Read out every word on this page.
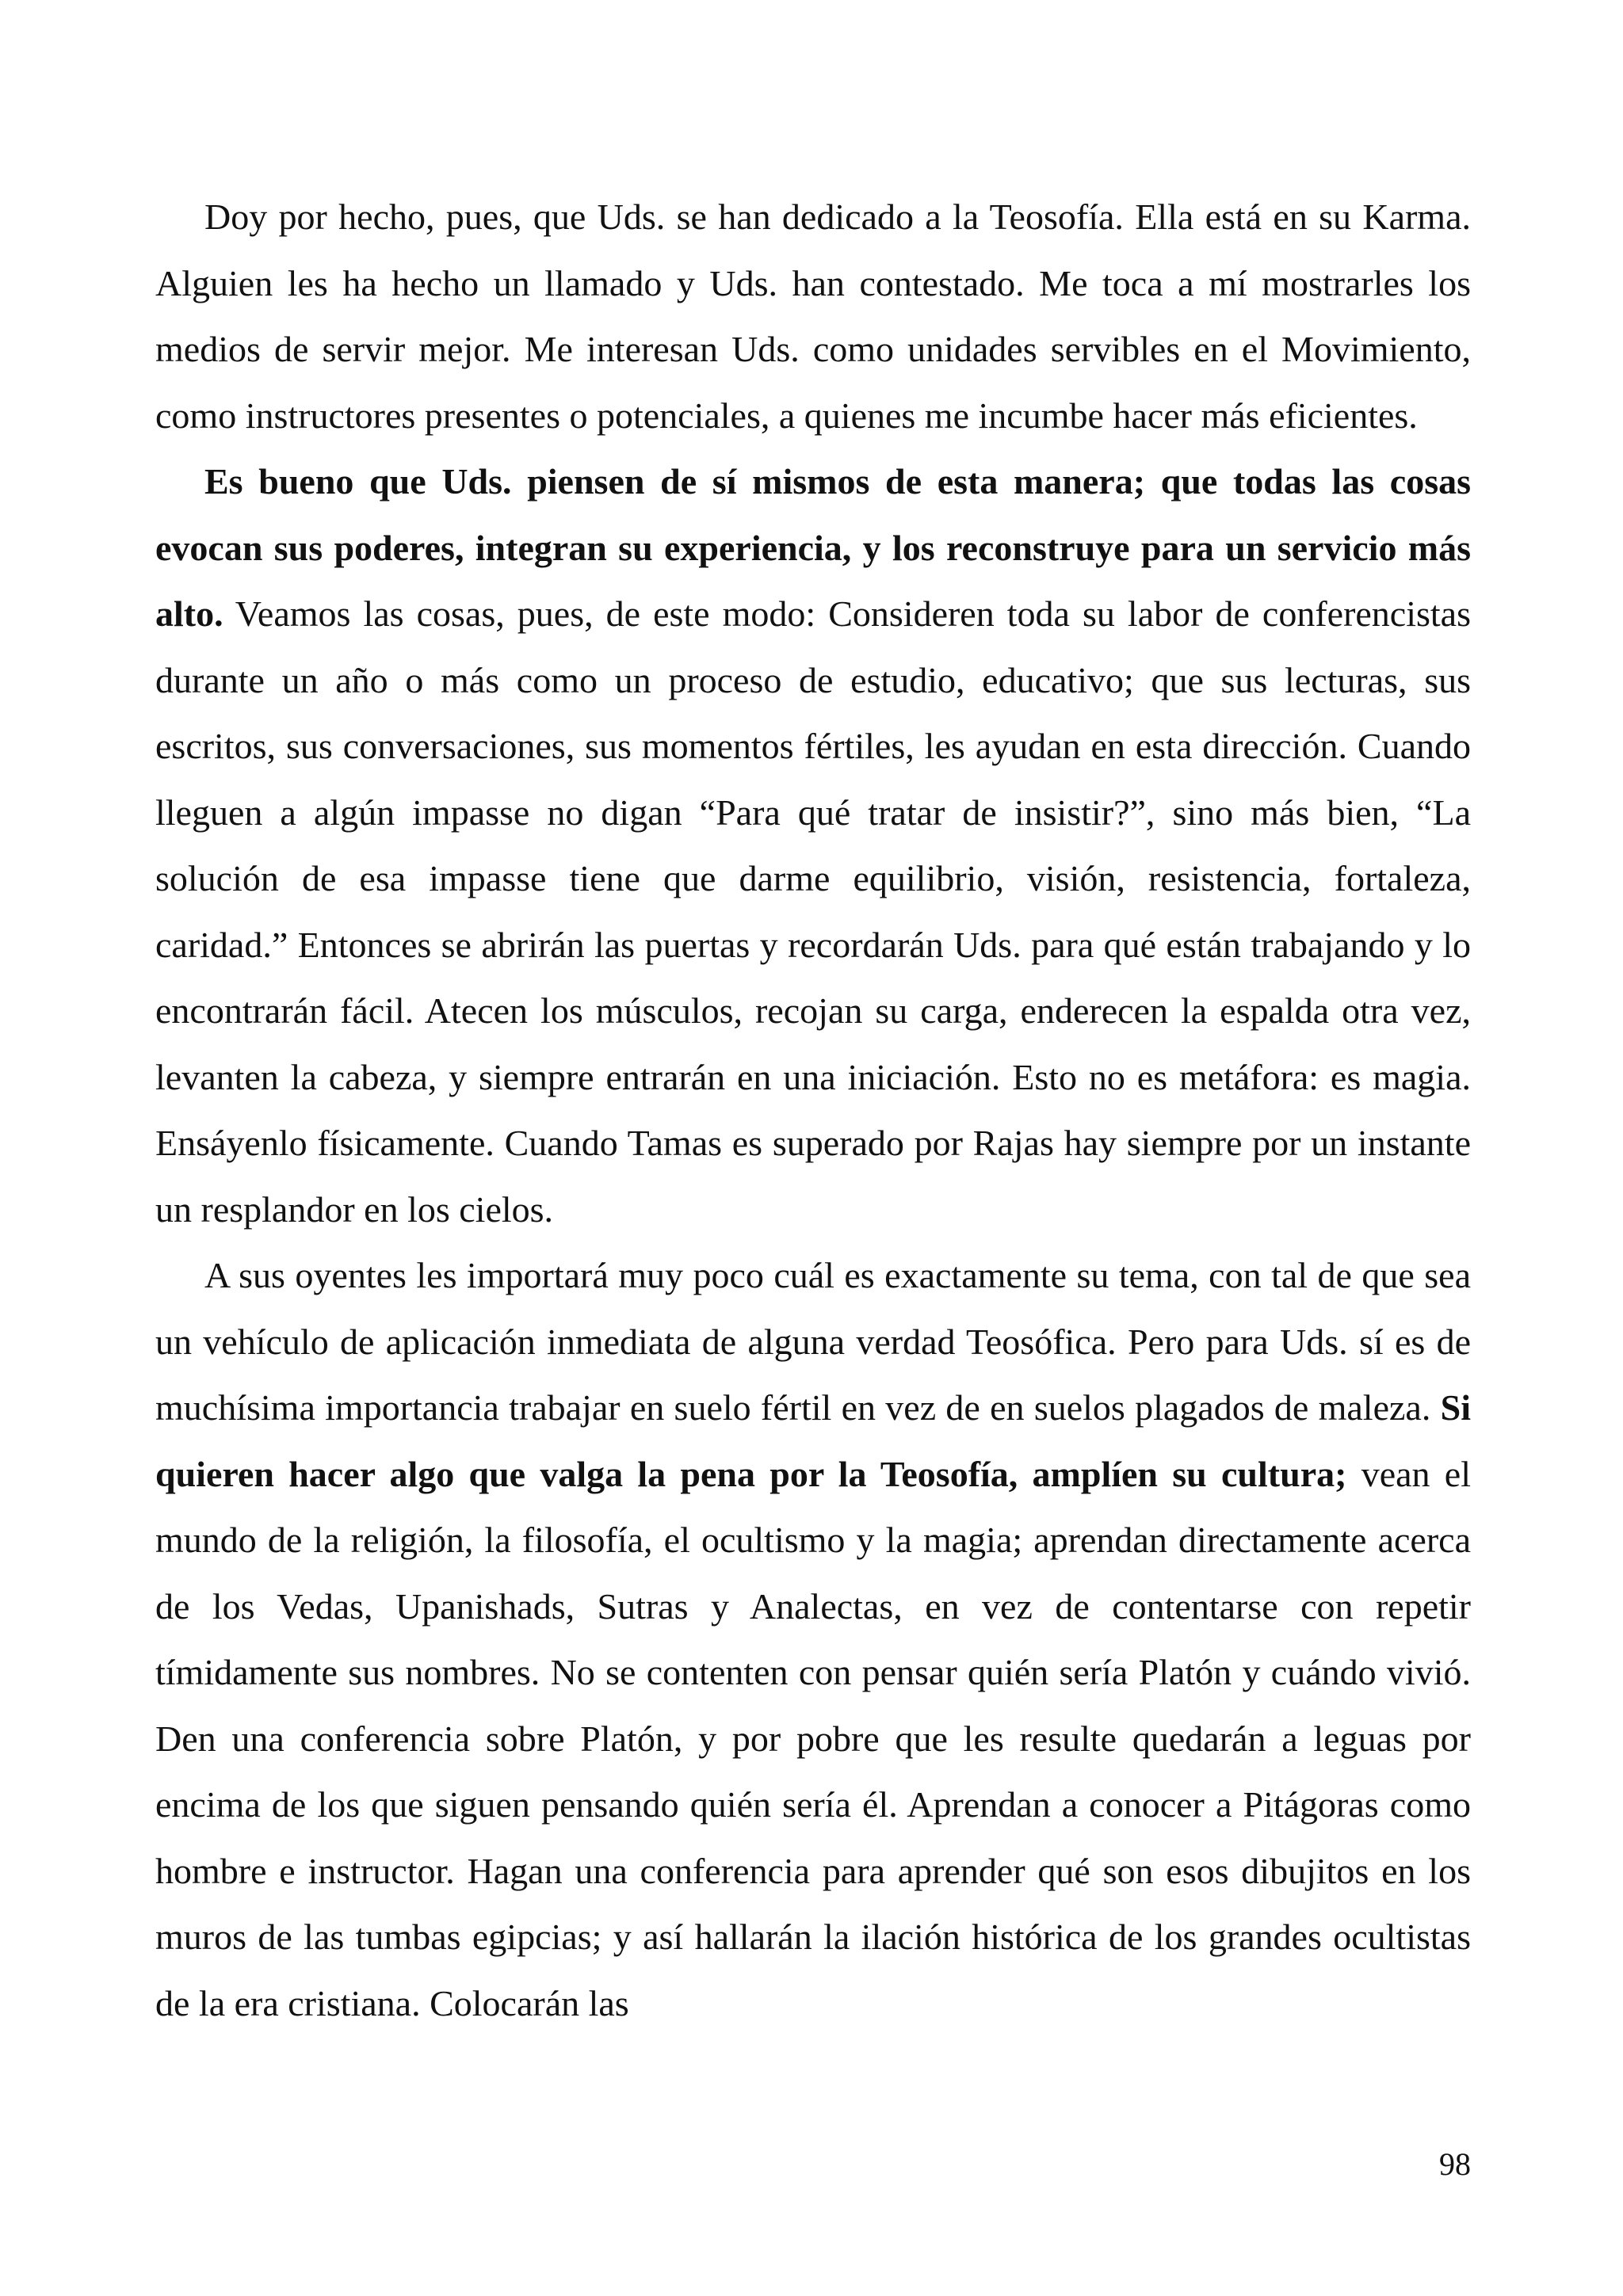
Doy por hecho, pues, que Uds. se han dedicado a la Teosofía. Ella está en su Karma. Alguien les ha hecho un llamado y Uds. han contestado. Me toca a mí mostrarles los medios de servir mejor. Me interesan Uds. como unidades servibles en el Movimiento, como instructores presentes o potenciales, a quienes me incumbe hacer más eficientes.

Es bueno que Uds. piensen de sí mismos de esta manera; que todas las cosas evocan sus poderes, integran su experiencia, y los reconstruye para un servicio más alto. Veamos las cosas, pues, de este modo: Consideren toda su labor de conferencistas durante un año o más como un proceso de estudio, educativo; que sus lecturas, sus escritos, sus conversaciones, sus momentos fértiles, les ayudan en esta dirección. Cuando lleguen a algún impasse no digan “Para qué tratar de insistir?”, sino más bien, “La solución de esa impasse tiene que darme equilibrio, visión, resistencia, fortaleza, caridad.” Entonces se abrirán las puertas y recordarán Uds. para qué están trabajando y lo encontrarán fácil. Atecen los músculos, recojan su carga, enderecen la espalda otra vez, levanten la cabeza, y siempre entrarán en una iniciación. Esto no es metáfora: es magia. Ensáyenlo físicamente. Cuando Tamas es superado por Rajas hay siempre por un instante un resplandor en los cielos.

A sus oyentes les importará muy poco cuál es exactamente su tema, con tal de que sea un vehículo de aplicación inmediata de alguna verdad Teosófica. Pero para Uds. sí es de muchísima importancia trabajar en suelo fértil en vez de en suelos plagados de maleza. Si quieren hacer algo que valga la pena por la Teosofía, amplíen su cultura; vean el mundo de la religión, la filosofía, el ocultismo y la magia; aprendan directamente acerca de los Vedas, Upanishads, Sutras y Analectas, en vez de contentarse con repetir tímidamente sus nombres. No se contenten con pensar quién sería Platón y cuándo vivió. Den una conferencia sobre Platón, y por pobre que les resulte quedarán a leguas por encima de los que siguen pensando quién sería él. Aprendan a conocer a Pitágoras como hombre e instructor. Hagan una conferencia para aprender qué son esos dibujitos en los muros de las tumbas egipcias; y así hallarán la ilación histórica de los grandes ocultistas de la era cristiana. Colocarán las

98
